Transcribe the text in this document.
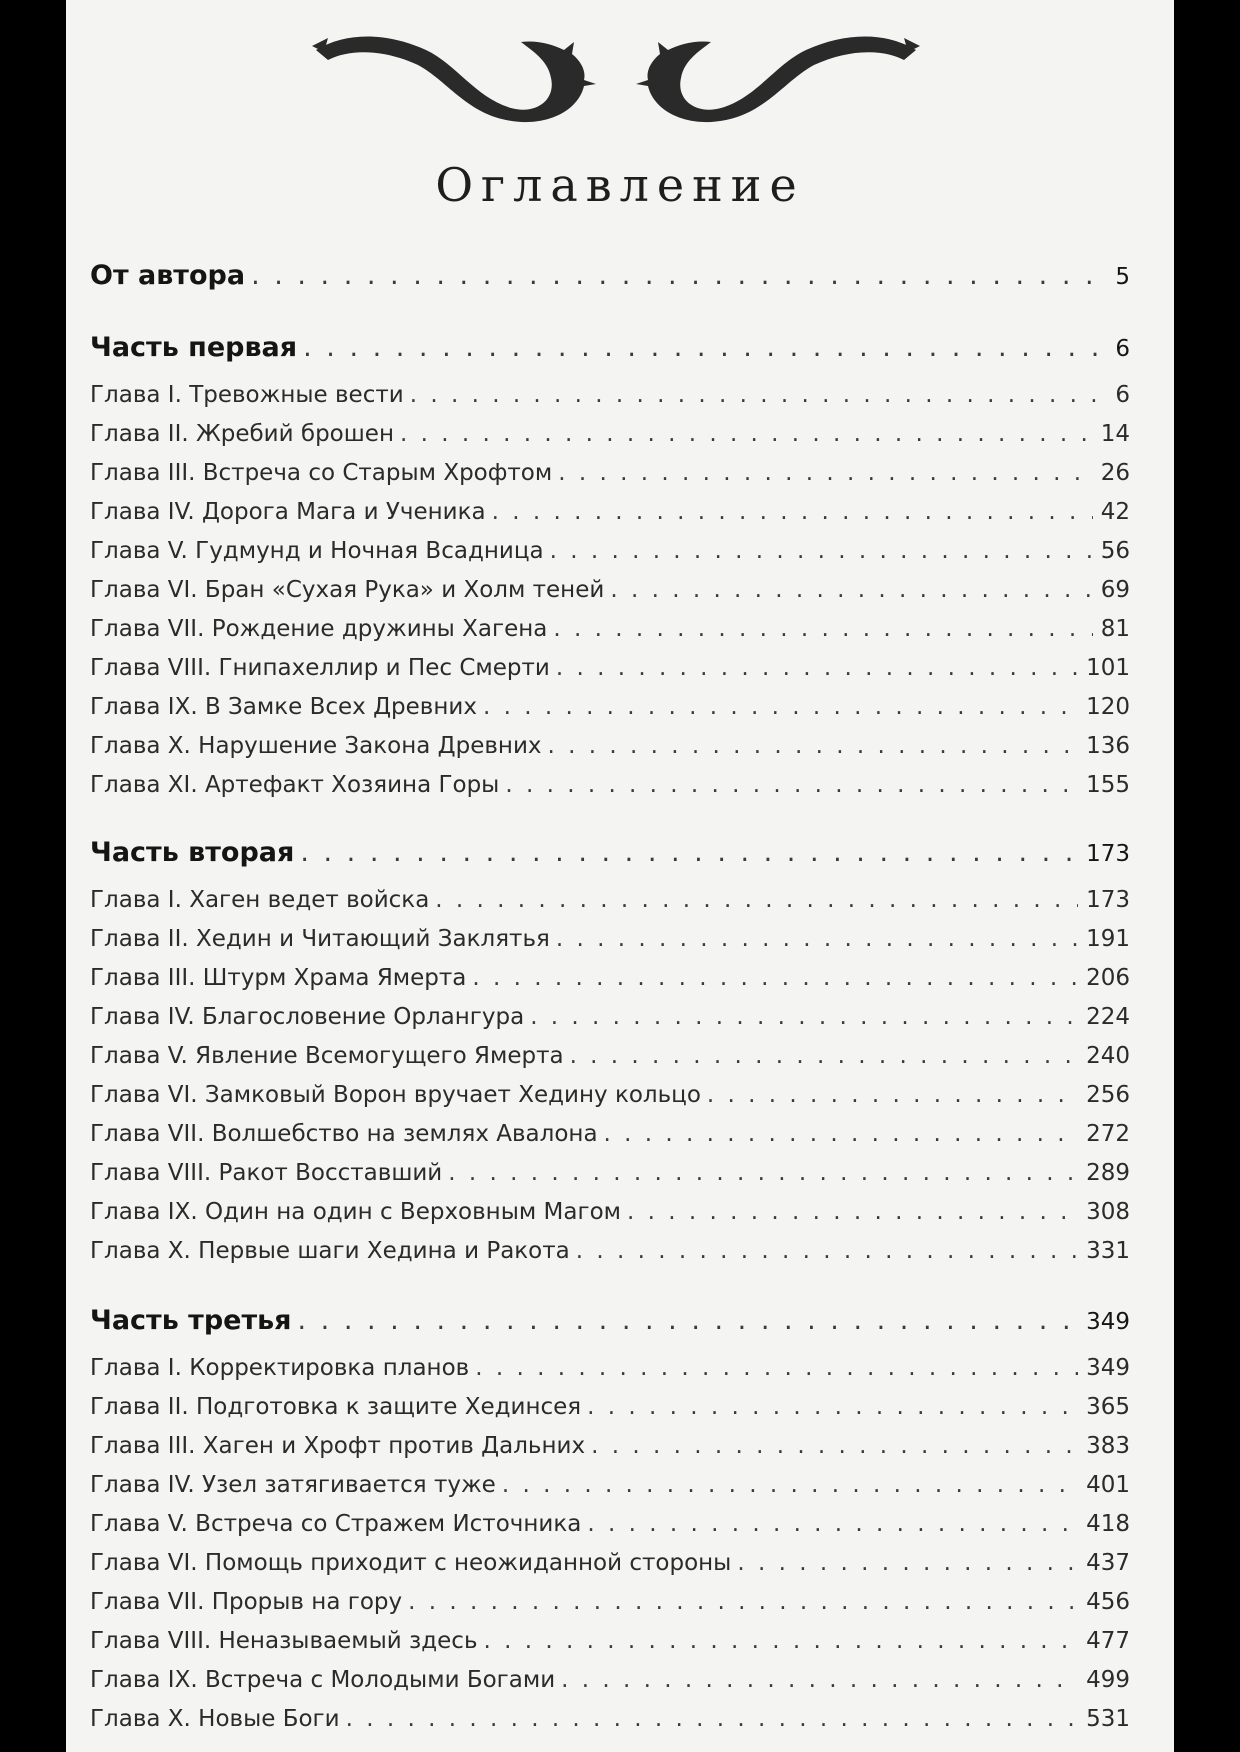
Оглавление
От автора . . .	5
Часть первая . . .	6
Глава I. Тревожные вести . . .	6
Глава II. Жребий брошен . . .	14
Глава III. Встреча со Старым Хрофтом . . .	26
Глава IV. Дорога Мага и Ученика . . .	42
Глава V. Гудмунд и Ночная Всадница . . .	56
Глава VI. Бран «Сухая Рука» и Холм теней . . .	69
Глава VII. Рождение дружины Хагена . . .	81
Глава VIII. Гнипахеллир и Пес Смерти . . .	101
Глава IX. В Замке Всех Древних . . .	120
Глава X. Нарушение Закона Древних . . .	136
Глава XI. Артефакт Хозяина Горы . . .	155
Часть вторая . . .	173
Глава I. Хаген ведет войска . . .	173
Глава II. Хедин и Читающий Заклятья . . .	191
Глава III. Штурм Храма Ямерта . . .	206
Глава IV. Благословение Орлангура . . .	224
Глава V. Явление Всемогущего Ямерта . . .	240
Глава VI. Замковый Ворон вручает Хедину кольцо . . .	256
Глава VII. Волшебство на землях Авалона . . .	272
Глава VIII. Ракот Восставший . . .	289
Глава IX. Один на один с Верховным Магом . . .	308
Глава X. Первые шаги Хедина и Ракота . . .	331
Часть третья . . .	349
Глава I. Корректировка планов . . .	349
Глава II. Подготовка к защите Хединсея . . .	365
Глава III. Хаген и Хрофт против Дальних . . .	383
Глава IV. Узел затягивается туже . . .	401
Глава V. Встреча со Стражем Источника . . .	418
Глава VI. Помощь приходит с неожиданной стороны . . .	437
Глава VII. Прорыв на гору . . .	456
Глава VIII. Неназываемый здесь . . .	477
Глава IX. Встреча с Молодыми Богами . . .	499
Глава X. Новые Боги . . .	531
